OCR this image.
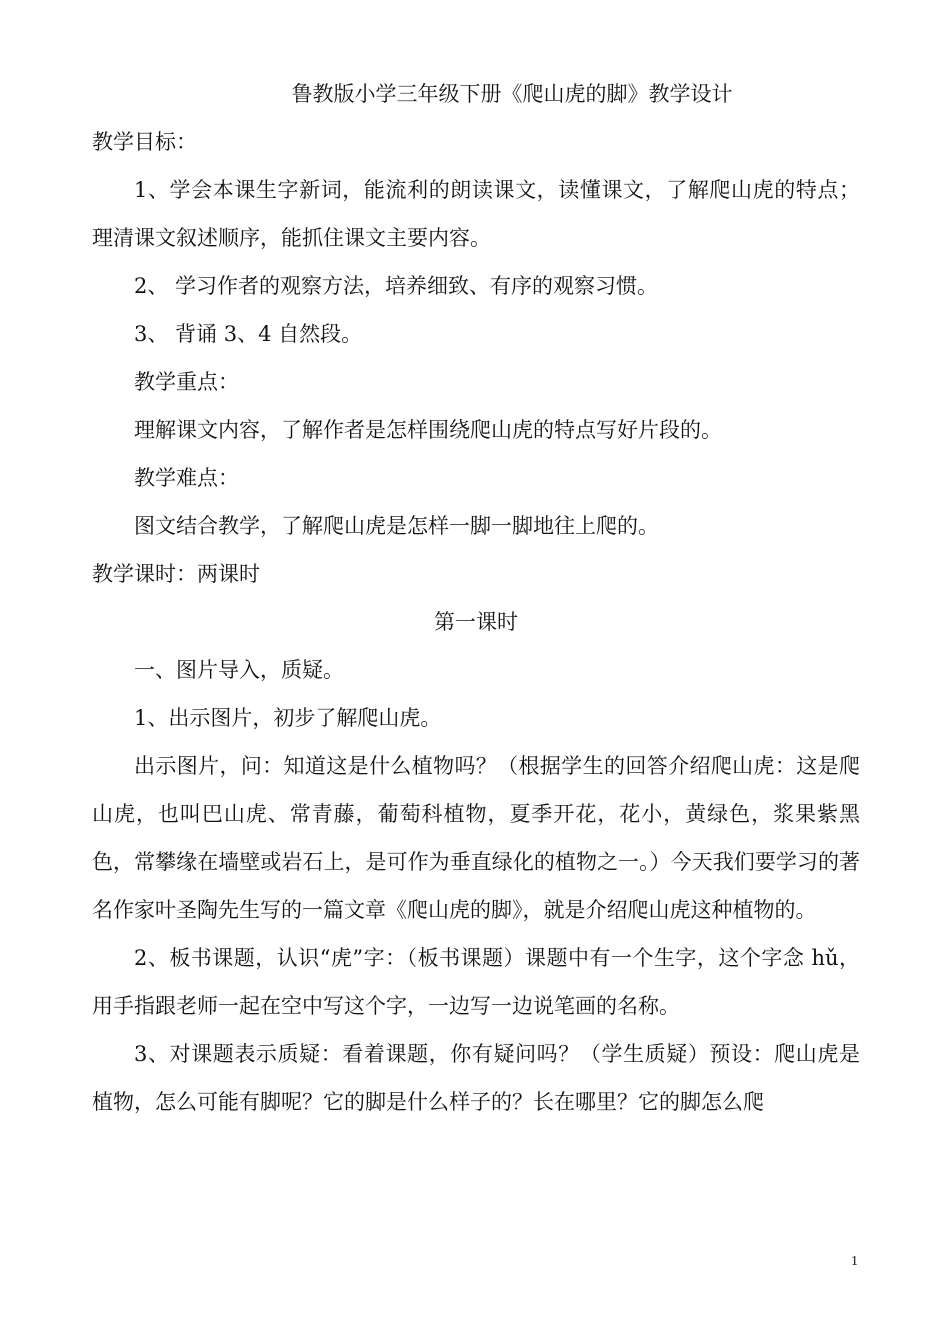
鲁教版小学三年级下册《爬山虎的脚》教学设计

教学目标：

1、学会本课生字新词，能流利的朗读课文，读懂课文，了解爬山虎的特点；理清课文叙述顺序，能抓住课文主要内容。

2、 学习作者的观察方法，培养细致、有序的观察习惯。

3、 背诵 3、4 自然段。

教学重点：

理解课文内容，了解作者是怎样围绕爬山虎的特点写好片段的。

教学难点：

图文结合教学，了解爬山虎是怎样一脚一脚地往上爬的。

教学课时：两课时

第一课时

一、图片导入，质疑。

1、出示图片，初步了解爬山虎。

出示图片，问：知道这是什么植物吗？（根据学生的回答介绍爬山虎：这是爬山虎，也叫巴山虎、常青藤，葡萄科植物，夏季开花，花小，黄绿色，浆果紫黑色，常攀缘在墙壁或岩石上，是可作为垂直绿化的植物之一。）今天我们要学习的著名作家叶圣陶先生写的一篇文章《爬山虎的脚》，就是介绍爬山虎这种植物的。

2、板书课题，认识“虎”字：（板书课题）课题中有一个生字，这个字念 hǔ，用手指跟老师一起在空中写这个字，一边写一边说笔画的名称。

3、对课题表示质疑：看着课题，你有疑问吗？（学生质疑）预设：爬山虎是植物，怎么可能有脚呢？它的脚是什么样子的？长在哪里？它的脚怎么爬

1
